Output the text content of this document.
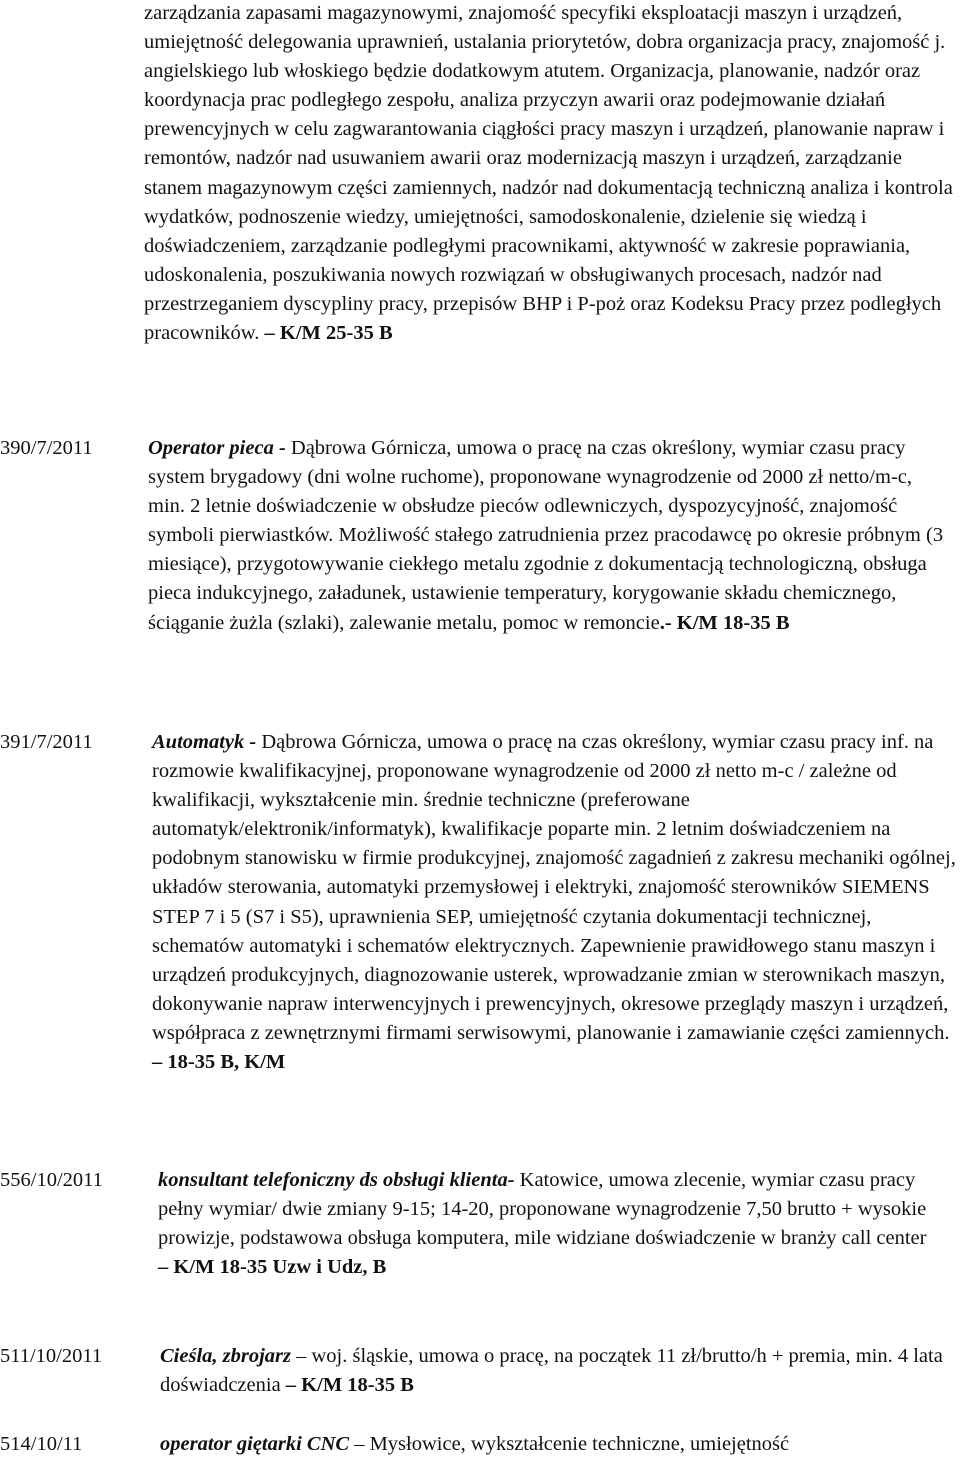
zarządzania zapasami magazynowymi, znajomość specyfiki eksploatacji maszyn i urządzeń, umiejętność delegowania uprawnień, ustalania priorytetów, dobra organizacja pracy, znajomość j. angielskiego lub włoskiego będzie dodatkowym atutem. Organizacja, planowanie, nadzór oraz koordynacja prac podległego zespołu, analiza przyczyn awarii oraz podejmowanie działań prewencyjnych w celu zagwarantowania ciągłości pracy maszyn i urządzeń, planowanie napraw i remontów, nadzór nad usuwaniem awarii oraz modernizacją maszyn i urządzeń, zarządzanie stanem magazynowym części zamiennych, nadzór nad dokumentacją techniczną analiza i kontrola wydatków, podnoszenie wiedzy, umiejętności, samodoskonalenie, dzielenie się wiedzą i doświadczeniem, zarządzanie podległymi pracownikami, aktywność w zakresie poprawiania, udoskonalenia, poszukiwania nowych rozwiązań w obsługiwanych procesach, nadzór nad przestrzeganiem dyscypliny pracy, przepisów BHP i P-poż oraz Kodeksu Pracy przez podległych pracowników. – K/M 25-35 B

390/7/2011	Operator pieca - Dąbrowa Górnicza, umowa o pracę na czas określony, wymiar czasu pracy system brygadowy (dni wolne ruchome), proponowane wynagrodzenie od 2000 zł netto/m-c, min. 2 letnie doświadczenie w obsłudze pieców odlewniczych, dyspozycyjność, znajomość symboli pierwiastków. Możliwość stałego zatrudnienia przez pracodawcę po okresie próbnym (3 miesiące), przygotowywanie ciekłego metalu zgodnie z dokumentacją technologiczną, obsługa pieca indukcyjnego, załadunek, ustawienie temperatury, korygowanie składu chemicznego, ściąganie żużla (szlaki), zalewanie metalu, pomoc w remoncie.- K/M 18-35 B

391/7/2011	Automatyk - Dąbrowa Górnicza, umowa o pracę na czas określony, wymiar czasu pracy inf. na rozmowie kwalifikacyjnej, proponowane wynagrodzenie od 2000 zł netto m-c / zależne od kwalifikacji, wykształcenie min. średnie techniczne (preferowane automatyk/elektronik/informatyk), kwalifikacje poparte min. 2 letnim doświadczeniem na podobnym stanowisku w firmie produkcyjnej, znajomość zagadnień z zakresu mechaniki ogólnej, układów sterowania, automatyki przemysłowej i elektryki, znajomość sterowników SIEMENS STEP 7 i 5 (S7 i S5), uprawnienia SEP, umiejętność czytania dokumentacji technicznej, schematów automatyki i schematów elektrycznych. Zapewnienie prawidłowego stanu maszyn i urządzeń produkcyjnych, diagnozowanie usterek, wprowadzanie zmian w sterownikach maszyn, dokonywanie napraw interwencyjnych i prewencyjnych, okresowe przeglądy maszyn i urządzeń, współpraca z zewnętrznymi firmami serwisowymi, planowanie i zamawianie części zamiennych. – 18-35 B, K/M

556/10/2011	konsultant telefoniczny ds obsługi klienta- Katowice, umowa zlecenie, wymiar czasu pracy pełny wymiar/ dwie zmiany 9-15; 14-20, proponowane wynagrodzenie 7,50 brutto + wysokie prowizje, podstawowa obsługa komputera, mile widziane doświadczenie w branży call center – K/M 18-35 Uzw i Udz, B

511/10/2011	Cieśla, zbrojarz – woj. śląskie, umowa o pracę, na początek 11 zł/brutto/h + premia, min. 4 lata doświadczenia – K/M 18-35 B

514/10/11	operator giętarki CNC – Mysłowice, wykształcenie techniczne, umiejętność
